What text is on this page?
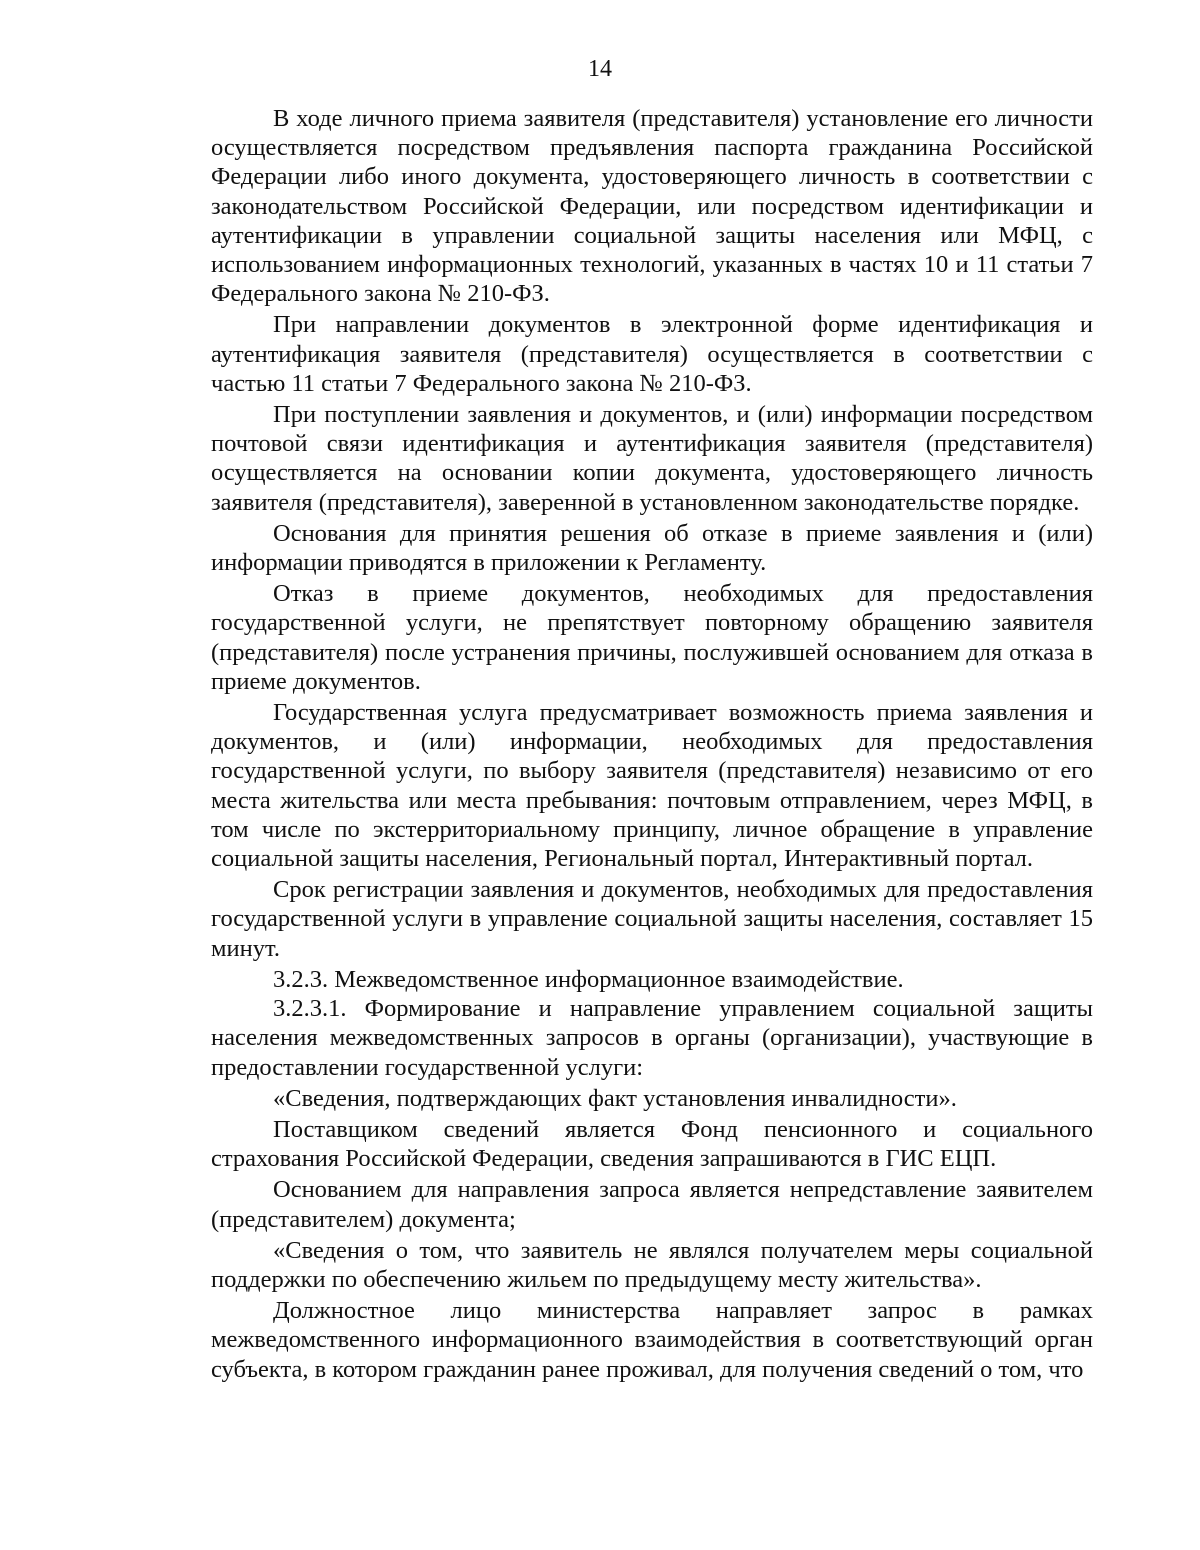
14

В ходе личного приема заявителя (представителя) установление его личности осуществляется посредством предъявления паспорта гражданина Российской Федерации либо иного документа, удостоверяющего личность в соответствии с законодательством Российской Федерации, или посредством идентификации и аутентификации в управлении социальной защиты населения или МФЦ, с использованием информационных технологий, указанных в частях 10 и 11 статьи 7 Федерального закона № 210-ФЗ.

При направлении документов в электронной форме идентификация и аутентификация заявителя (представителя) осуществляется в соответствии с частью 11 статьи 7 Федерального закона № 210-ФЗ.

При поступлении заявления и документов, и (или) информации посредством почтовой связи идентификация и аутентификация заявителя (представителя) осуществляется на основании копии документа, удостоверяющего личность заявителя (представителя), заверенной в установленном законодательстве порядке.

Основания для принятия решения об отказе в приеме заявления и (или) информации приводятся в приложении к Регламенту.

Отказ в приеме документов, необходимых для предоставления государственной услуги, не препятствует повторному обращению заявителя (представителя) после устранения причины, послужившей основанием для отказа в приеме документов.

Государственная услуга предусматривает возможность приема заявления и документов, и (или) информации, необходимых для предоставления государственной услуги, по выбору заявителя (представителя) независимо от его места жительства или места пребывания: почтовым отправлением, через МФЦ, в том числе по экстерриториальному принципу, личное обращение в управление социальной защиты населения, Региональный портал, Интерактивный портал.

Срок регистрации заявления и документов, необходимых для предоставления государственной услуги в управление социальной защиты населения, составляет 15 минут.

3.2.3. Межведомственное информационное взаимодействие.

3.2.3.1. Формирование и направление управлением социальной защиты населения межведомственных запросов в органы (организации), участвующие в предоставлении государственной услуги:

«Сведения, подтверждающих факт установления инвалидности».

Поставщиком сведений является Фонд пенсионного и социального страхования Российской Федерации, сведения запрашиваются в ГИС ЕЦП.

Основанием для направления запроса является непредставление заявителем (представителем) документа;

«Сведения о том, что заявитель не являлся получателем меры социальной поддержки по обеспечению жильем по предыдущему месту жительства».

Должностное лицо министерства направляет запрос в рамках межведомственного информационного взаимодействия в соответствующий орган субъекта, в котором гражданин ранее проживал, для получения сведений о том, что
